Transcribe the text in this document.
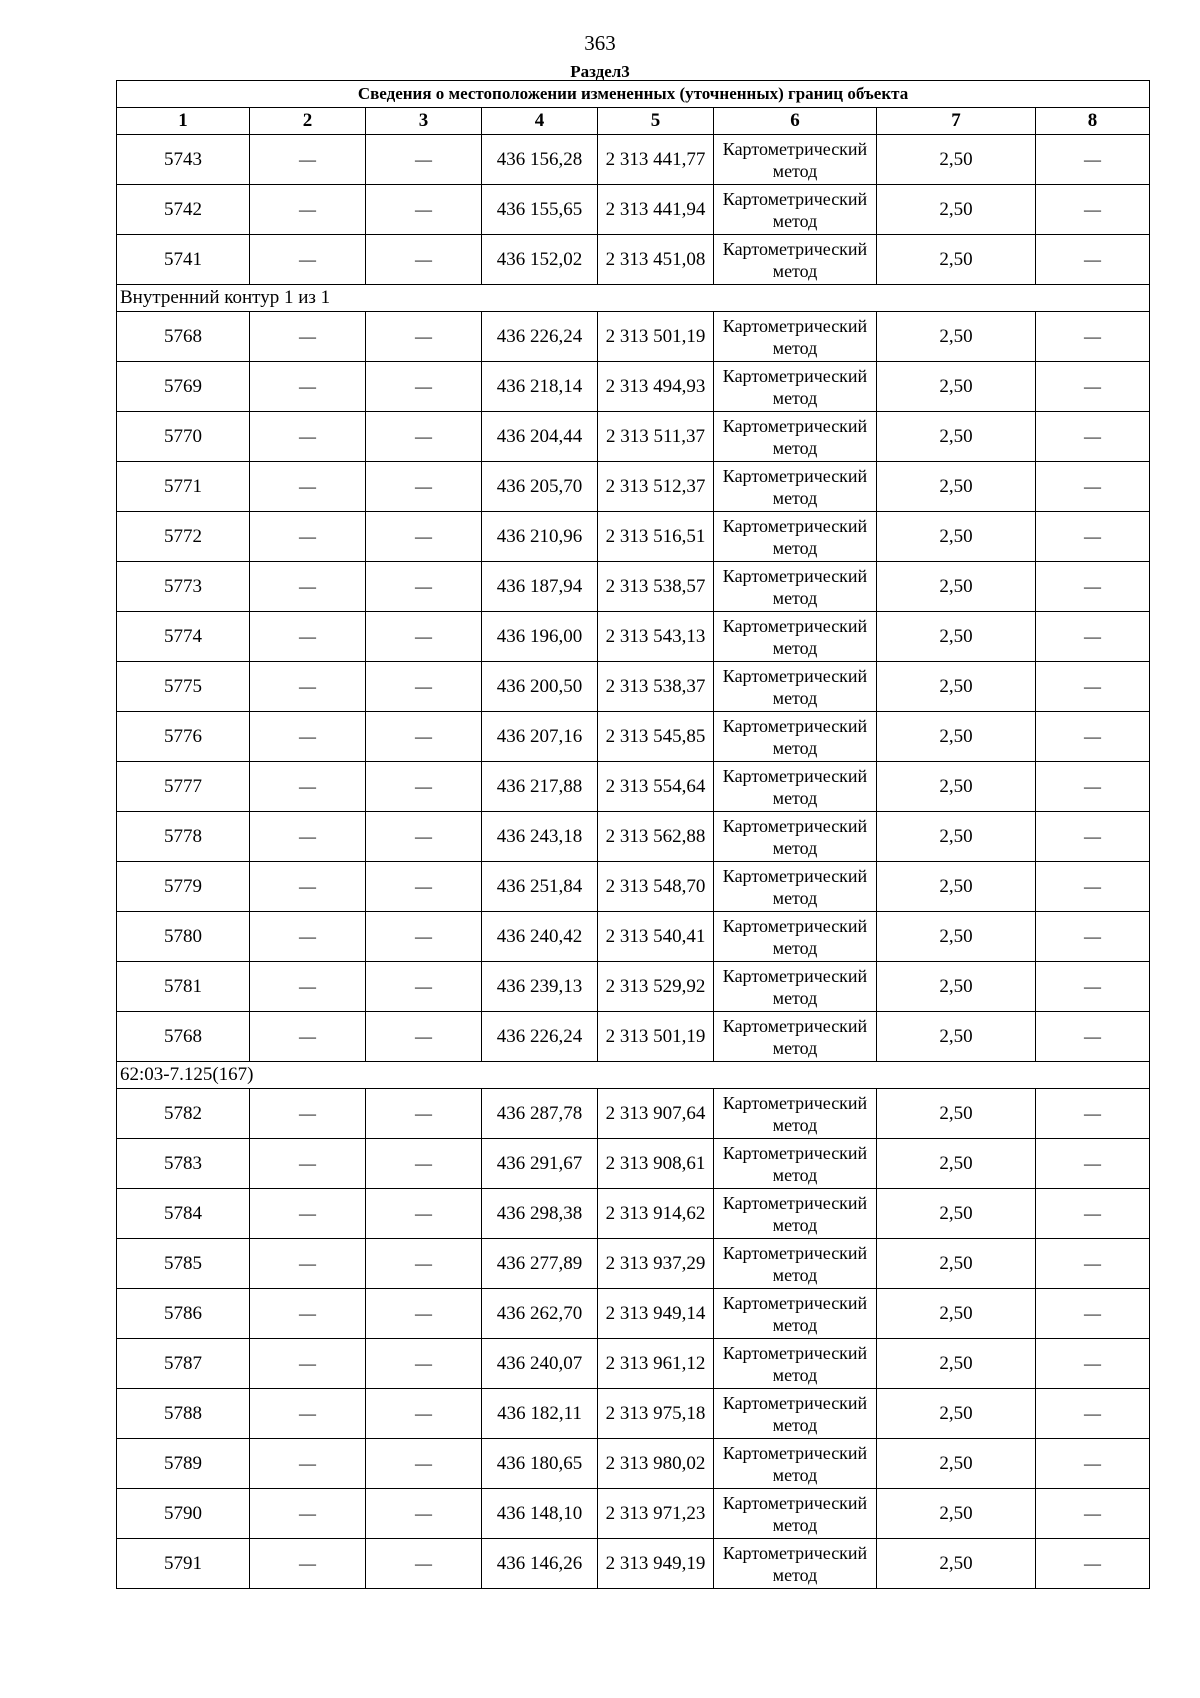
363
Раздел3
Сведения о местоположении измененных (уточненных) границ объекта							
1	2	3	4	5	6	7	8
5743	—	—	436 156,28	2 313 441,77	Картометрический метод	2,50	—
5742	—	—	436 155,65	2 313 441,94	Картометрический метод	2,50	—
5741	—	—	436 152,02	2 313 451,08	Картометрический метод	2,50	—
Внутренний контур 1 из 1							
5768	—	—	436 226,24	2 313 501,19	Картометрический метод	2,50	—
5769	—	—	436 218,14	2 313 494,93	Картометрический метод	2,50	—
5770	—	—	436 204,44	2 313 511,37	Картометрический метод	2,50	—
5771	—	—	436 205,70	2 313 512,37	Картометрический метод	2,50	—
5772	—	—	436 210,96	2 313 516,51	Картометрический метод	2,50	—
5773	—	—	436 187,94	2 313 538,57	Картометрический метод	2,50	—
5774	—	—	436 196,00	2 313 543,13	Картометрический метод	2,50	—
5775	—	—	436 200,50	2 313 538,37	Картометрический метод	2,50	—
5776	—	—	436 207,16	2 313 545,85	Картометрический метод	2,50	—
5777	—	—	436 217,88	2 313 554,64	Картометрический метод	2,50	—
5778	—	—	436 243,18	2 313 562,88	Картометрический метод	2,50	—
5779	—	—	436 251,84	2 313 548,70	Картометрический метод	2,50	—
5780	—	—	436 240,42	2 313 540,41	Картометрический метод	2,50	—
5781	—	—	436 239,13	2 313 529,92	Картометрический метод	2,50	—
5768	—	—	436 226,24	2 313 501,19	Картометрический метод	2,50	—
62:03-7.125(167)							
5782	—	—	436 287,78	2 313 907,64	Картометрический метод	2,50	—
5783	—	—	436 291,67	2 313 908,61	Картометрический метод	2,50	—
5784	—	—	436 298,38	2 313 914,62	Картометрический метод	2,50	—
5785	—	—	436 277,89	2 313 937,29	Картометрический метод	2,50	—
5786	—	—	436 262,70	2 313 949,14	Картометрический метод	2,50	—
5787	—	—	436 240,07	2 313 961,12	Картометрический метод	2,50	—
5788	—	—	436 182,11	2 313 975,18	Картометрический метод	2,50	—
5789	—	—	436 180,65	2 313 980,02	Картометрический метод	2,50	—
5790	—	—	436 148,10	2 313 971,23	Картометрический метод	2,50	—
5791	—	—	436 146,26	2 313 949,19	Картометрический метод	2,50	—
